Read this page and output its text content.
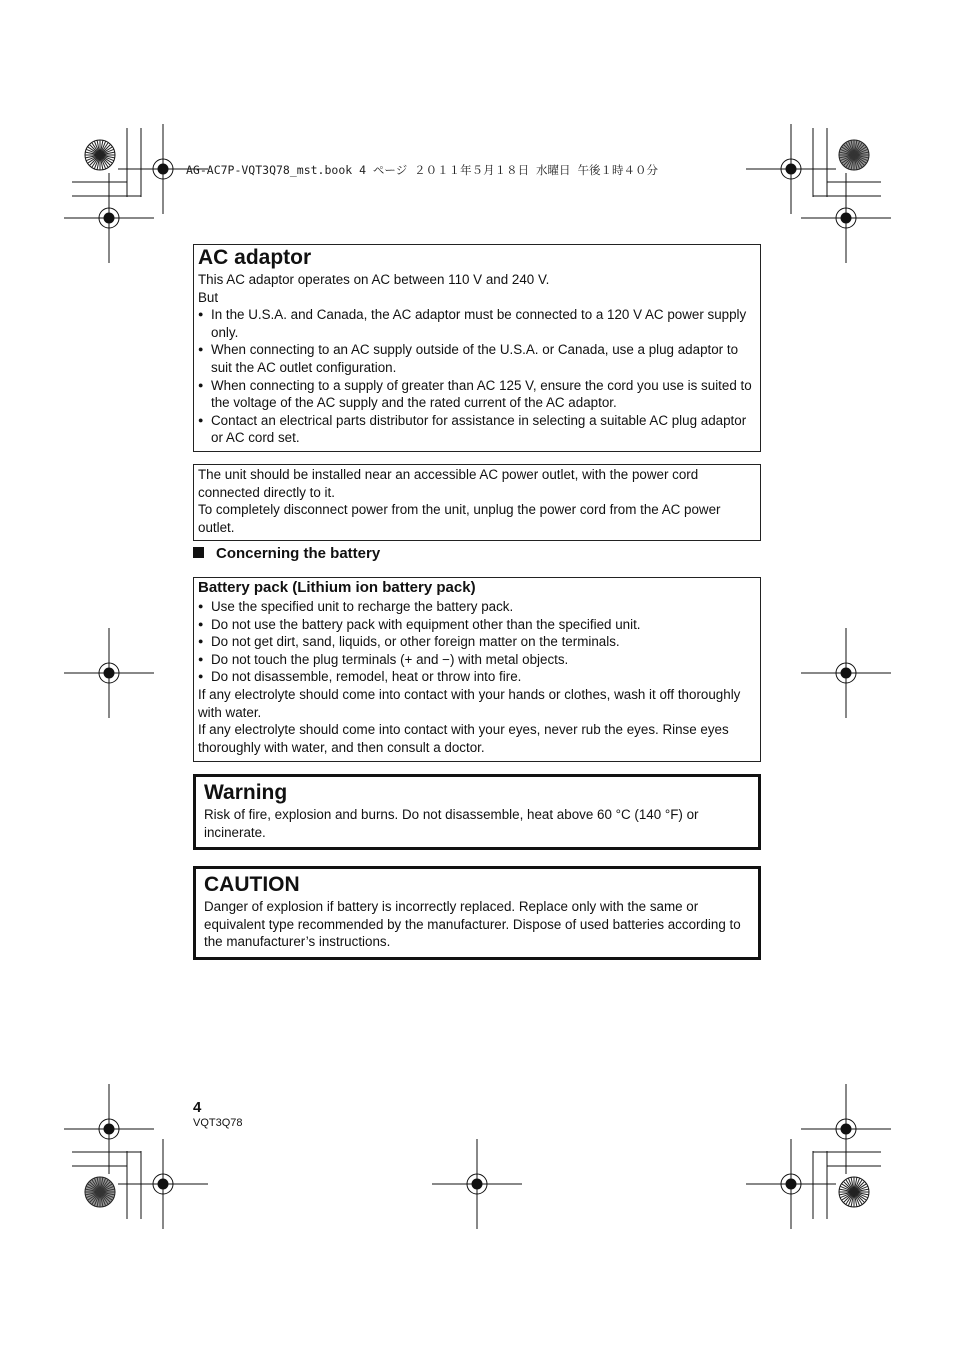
AG-AC7P-VQT3Q78_mst.book 4 ページ ２０１１年５月１８日 水曜日 午後１時４０分
AC adaptor

This AC adaptor operates on AC between 110 V and 240 V.

But

● In the U.S.A. and Canada, the AC adaptor must be connected to a 120 V AC power supply only.
● When connecting to an AC supply outside of the U.S.A. or Canada, use a plug adaptor to suit the AC outlet configuration.
● When connecting to a supply of greater than AC 125 V, ensure the cord you use is suited to the voltage of the AC supply and the rated current of the AC adaptor.
● Contact an electrical parts distributor for assistance in selecting a suitable AC plug adaptor or AC cord set.

The unit should be installed near an accessible AC power outlet, with the power cord connected directly to it.

To completely disconnect power from the unit, unplug the power cord from the AC power outlet.

Concerning the battery
Battery pack (Lithium ion battery pack)
● Use the specified unit to recharge the battery pack.
● Do not use the battery pack with equipment other than the specified unit.
● Do not get dirt, sand, liquids, or other foreign matter on the terminals.
● Do not touch the plug terminals (+ and −) with metal objects.
● Do not disassemble, remodel, heat or throw into fire.

If any electrolyte should come into contact with your hands or clothes, wash it off thoroughly with water.

If any electrolyte should come into contact with your eyes, never rub the eyes. Rinse eyes thoroughly with water, and then consult a doctor.

Warning

Risk of fire, explosion and burns. Do not disassemble, heat above 60 °C (140 °F) or incinerate.

CAUTION

Danger of explosion if battery is incorrectly replaced. Replace only with the same or equivalent type recommended by the manufacturer. Dispose of used batteries according to the manufacturer’s instructions.

4
VQT3Q78
